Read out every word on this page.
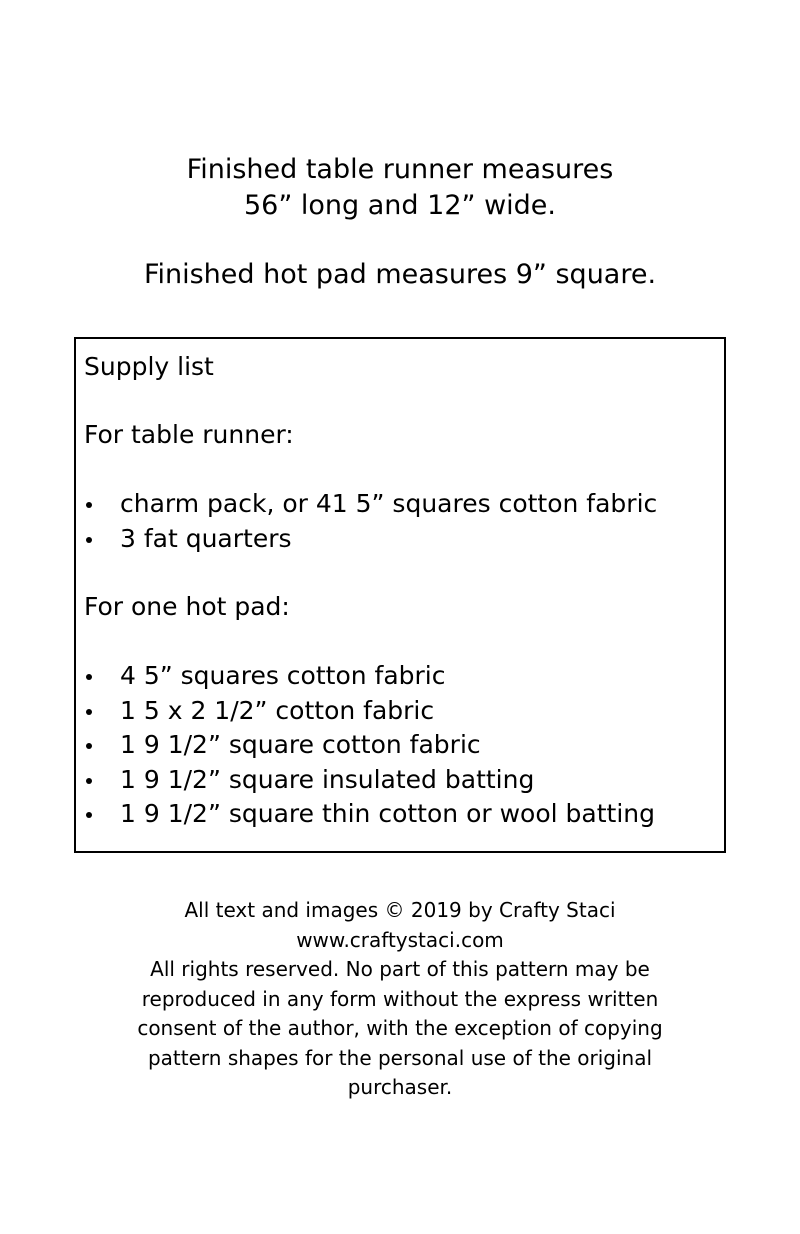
Finished table runner measures
56” long and 12” wide.
Finished hot pad measures 9” square.
Supply list
For table runner:
charm pack, or 41 5” squares cotton fabric
3 fat quarters
For one hot pad:
4 5” squares cotton fabric
1 5 x 2 1/2” cotton fabric
1 9 1/2” square cotton fabric
1 9 1/2” square insulated batting
1 9 1/2” square thin cotton or wool batting
All text and images © 2019 by Crafty Staci
www.craftystaci.com
All rights reserved. No part of this pattern may be
reproduced in any form without the express written
consent of the author, with the exception of copying
pattern shapes for the personal use of the original
purchaser.
